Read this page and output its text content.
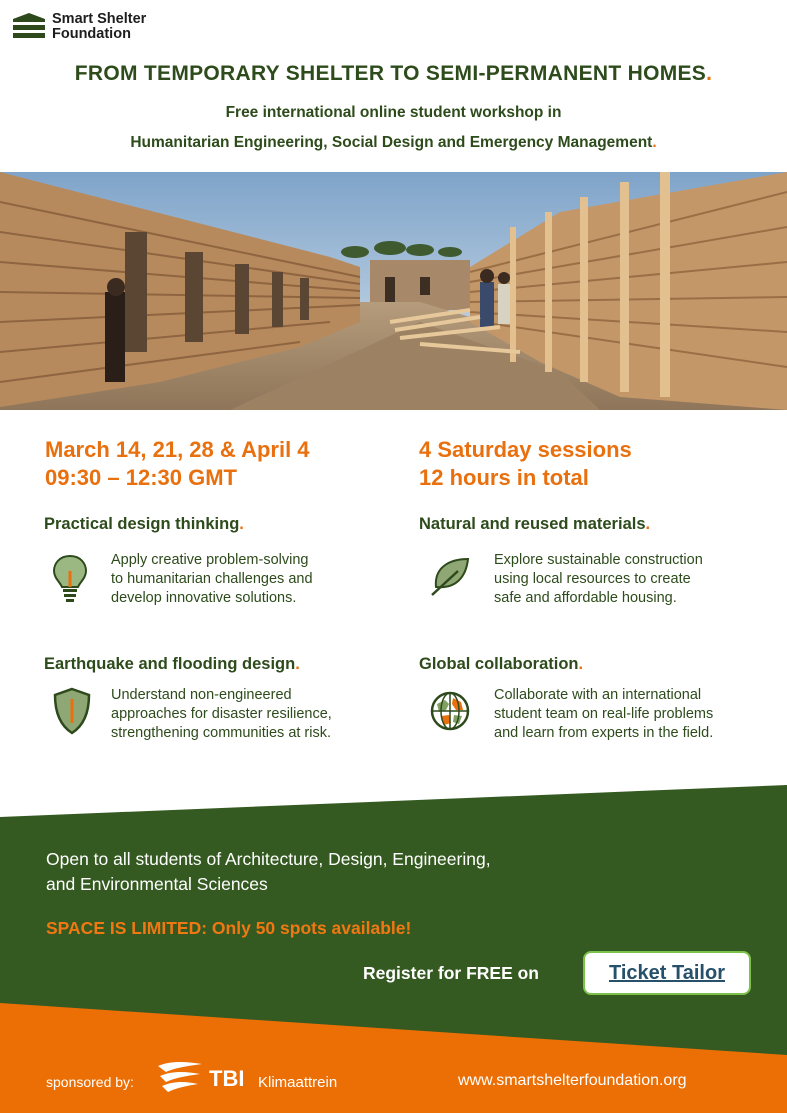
Smart Shelter
Foundation
FROM TEMPORARY SHELTER TO SEMI-PERMANENT HOMES.
Free international online student workshop in
Humanitarian Engineering, Social Design and Emergency Management.
March 14, 21, 28 & April 4
09:30 – 12:30 GMT
4 Saturday sessions
12 hours in total
Practical design thinking.
Apply creative problem-solving
to humanitarian challenges and
develop innovative solutions.
Natural and reused materials.
Explore sustainable construction
using local resources to create
safe and affordable housing.
Earthquake and flooding design.
Understand non-engineered
approaches for disaster resilience,
strengthening communities at risk.
Global collaboration.
Collaborate with an international
student team on real-life problems
and learn from experts in the field.
Open to all students of Architecture, Design, Engineering,
and Environmental Sciences
SPACE IS LIMITED: Only 50 spots available!
Register for FREE on	Ticket Tailor
sponsored by:	TBI Klimaattrein	www.smartshelterfoundation.org
